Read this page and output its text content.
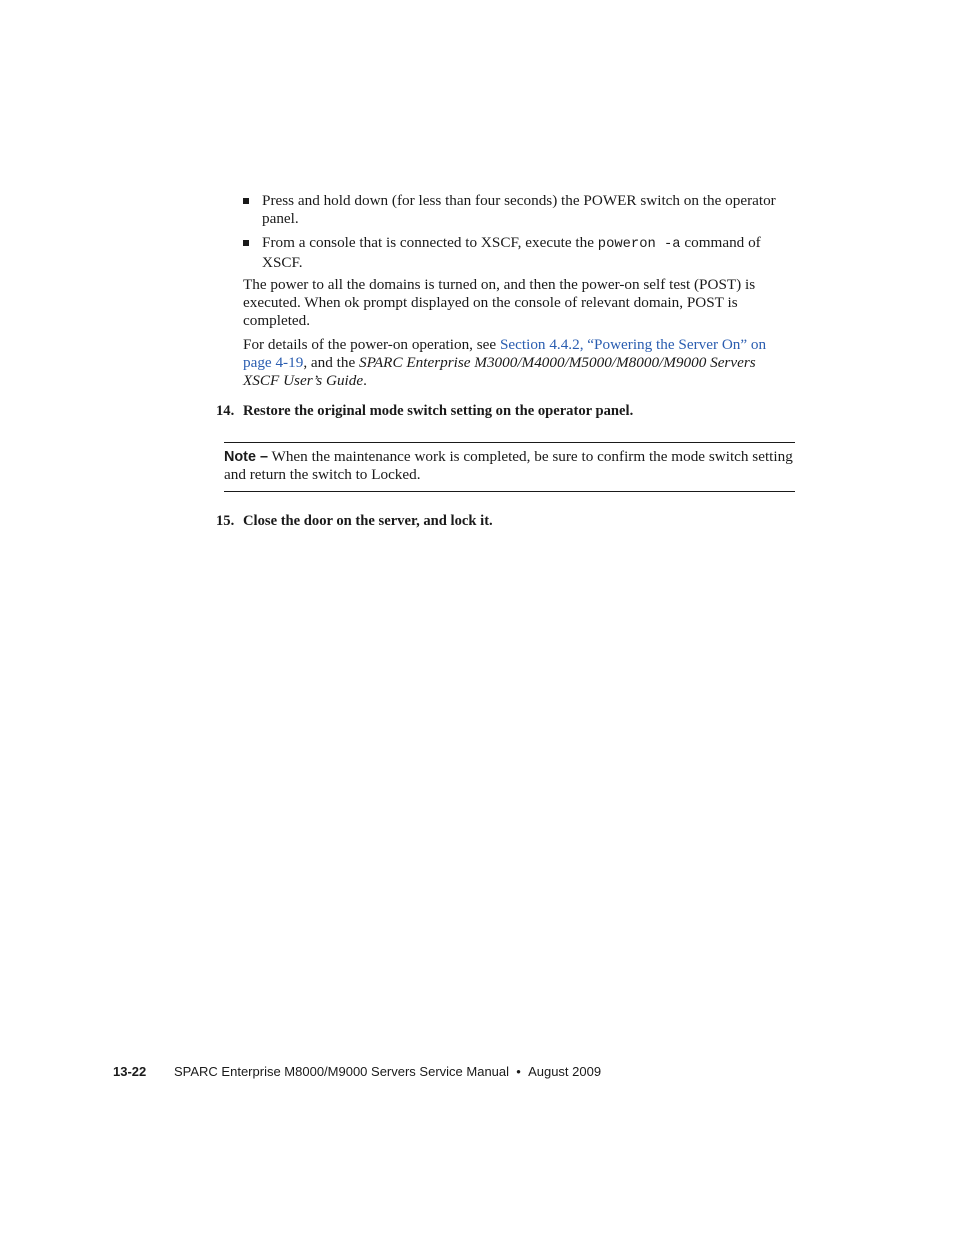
Press and hold down (for less than four seconds) the POWER switch on the operator panel.
From a console that is connected to XSCF, execute the poweron -a command of XSCF.
The power to all the domains is turned on, and then the power-on self test (POST) is executed. When ok prompt displayed on the console of relevant domain, POST is completed.
For details of the power-on operation, see Section 4.4.2, “Powering the Server On” on page 4-19, and the SPARC Enterprise M3000/M4000/M5000/M8000/M9000 Servers XSCF User’s Guide.
14. Restore the original mode switch setting on the operator panel.
Note – When the maintenance work is completed, be sure to confirm the mode switch setting and return the switch to Locked.
15. Close the door on the server, and lock it.
13-22 SPARC Enterprise M8000/M9000 Servers Service Manual • August 2009
